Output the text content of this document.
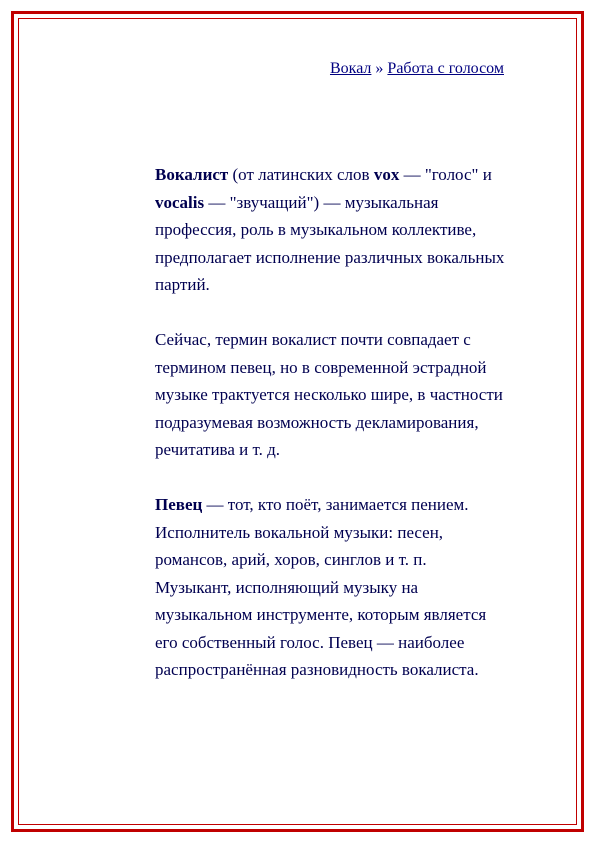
Вокал » Работа с голосом

Вокалист (от латинских слов vox — "голос" и vocalis — "звучащий") — музыкальная профессия, роль в музыкальном коллективе, предполагает исполнение различных вокальных партий.

Сейчас, термин вокалист почти совпадает с термином певец, но в современной эстрадной музыке трактуется несколько шире, в частности подразумевая возможность декламирования, речитатива и т. д.

Певец — тот, кто поёт, занимается пением. Исполнитель вокальной музыки: песен, романсов, арий, хоров, синглов и т. п. Музыкант, исполняющий музыку на музыкальном инструменте, которым является его собственный голос. Певец — наиболее распространённая разновидность вокалиста.
